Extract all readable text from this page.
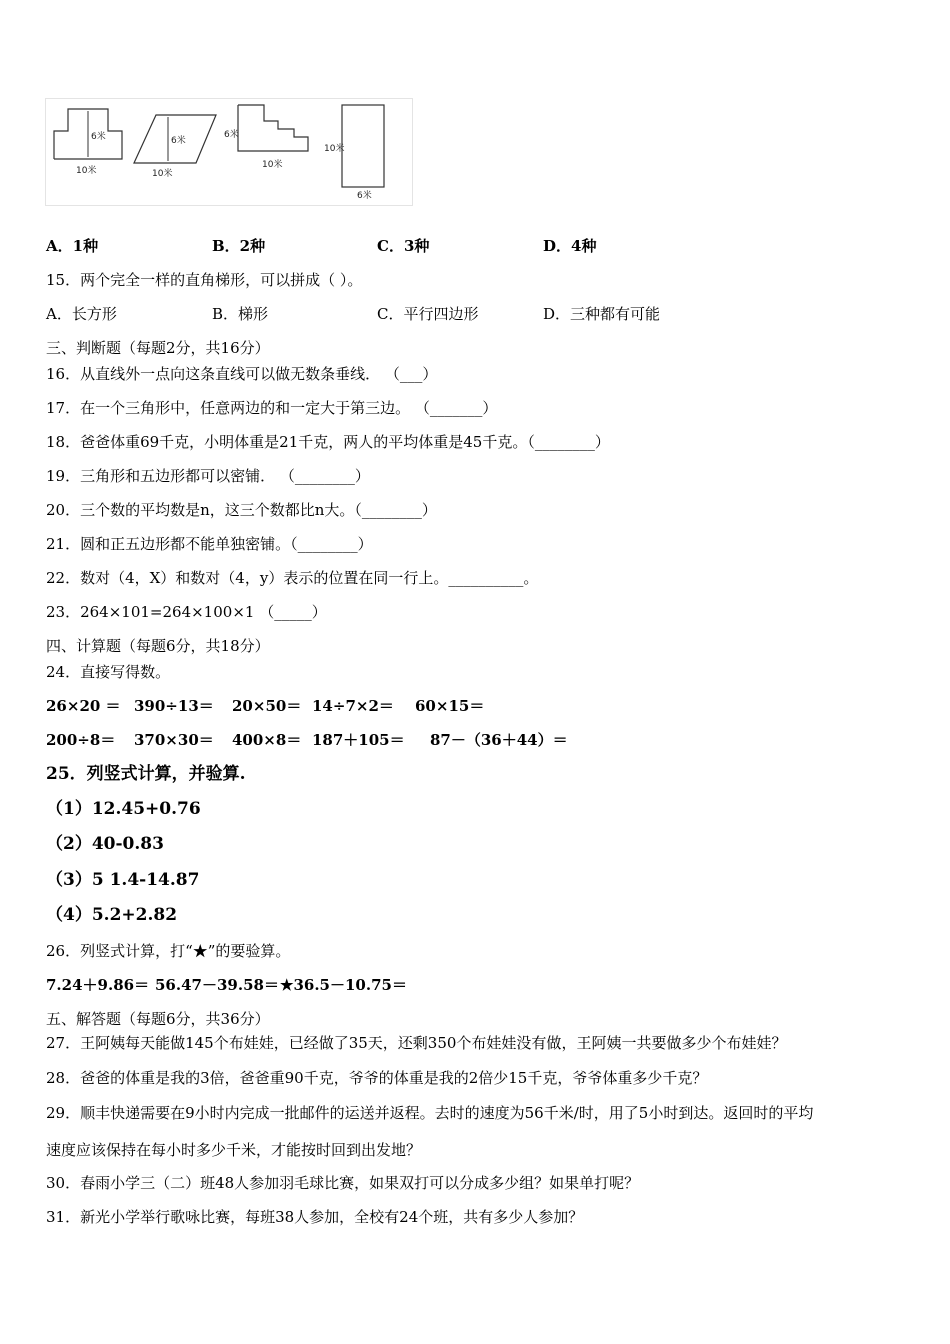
6米
10米
6米
10米
6米
10米
10米
6米
A．1种	B．2种	C．3种	D．4种
15．两个完全一样的直角梯形，可以拼成（ ）。
A．长方形	B．梯形	C．平行四边形	D．三种都有可能
三、判断题（每题2分，共16分）
16．从直线外一点向这条直线可以做无数条垂线． （___）
17．在一个三角形中，任意两边的和一定大于第三边。 （_______）
18．爸爸体重69千克，小明体重是21千克，两人的平均体重是45千克。（________）
19．三角形和五边形都可以密铺． （________）
20．三个数的平均数是n，这三个数都比n大。（________）
21．圆和正五边形都不能单独密铺。（________）
22．数对（4，X）和数对（4，y）表示的位置在同一行上。__________。
23．264×101=264×100×1 （_____）
四、计算题（每题6分，共18分）
24．直接写得数。
26×20 ＝ 390÷13＝ 20×50＝ 14÷7×2＝ 60×15＝
200÷8＝ 370×30＝ 400×8＝ 187＋105＝ 87－（36＋44）＝
25．列竖式计算，并验算.
（1）12.45+0.76
（2）40-0.83
（3）5 1.4-14.87
（4）5.2+2.82
26．列竖式计算，打“★”的要验算。
7.24＋9.86＝ 56.47－39.58＝ ★36.5－10.75＝
五、解答题（每题6分，共36分）
27．王阿姨每天能做145个布娃娃，已经做了35天，还剩350个布娃娃没有做，王阿姨一共要做多少个布娃娃？
28．爸爸的体重是我的3倍，爸爸重90千克，爷爷的体重是我的2倍少15千克，爷爷体重多少千克？
29．顺丰快递需要在9小时内完成一批邮件的运送并返程。去时的速度为56千米/时，用了5小时到达。返回时的平均
速度应该保持在每小时多少千米，才能按时回到出发地？
30．春雨小学三（二）班48人参加羽毛球比赛，如果双打可以分成多少组？如果单打呢？
31．新光小学举行歌咏比赛，每班38人参加，全校有24个班，共有多少人参加？
